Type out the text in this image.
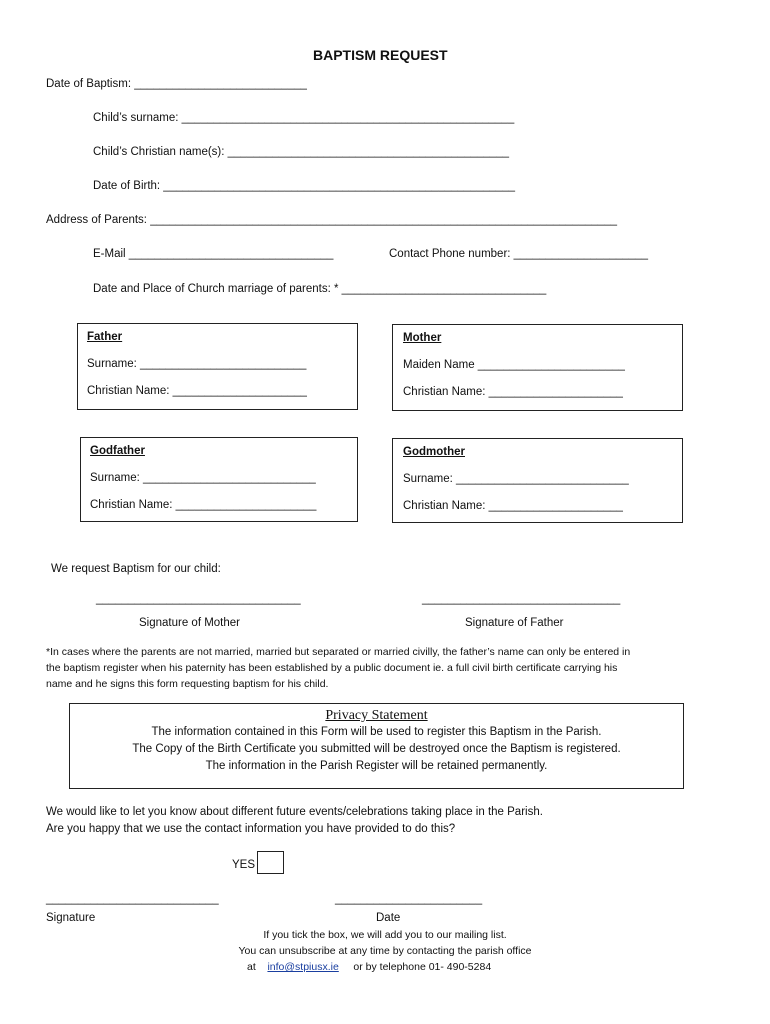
BAPTISM REQUEST
Date of Baptism: ___________________________
Child’s surname: ____________________________________________________
Child’s Christian name(s): ____________________________________________
Date of Birth: _______________________________________________________
Address of Parents: _________________________________________________________________________
E-Mail ________________________________	Contact Phone number: _____________________
Date and Place of Church marriage of parents: * ________________________________
Father
Surname: __________________________
Christian Name: _____________________
Mother
Maiden Name _______________________
Christian Name: _____________________
Godfather
Surname: ___________________________
Christian Name: ______________________
Godmother
Surname: ___________________________
Christian Name: _____________________
We request Baptism for our child:
________________________________	_______________________________
Signature of Mother	Signature of Father
*In cases where the parents are not married, married but separated or married civilly, the father’s name can only be entered in
the baptism register when his paternity has been established by a public document ie. a full civil birth certificate carrying his
name and he signs this form requesting baptism for his child.
Privacy Statement
The information contained in this Form will be used to register this Baptism in the Parish.
The Copy of the Birth Certificate you submitted will be destroyed once the Baptism is registered.
The information in the Parish Register will be retained permanently.
We would like to let you know about different future events/celebrations taking place in the Parish.
Are you happy that we use the contact information you have provided to do this?
YES
___________________________	_______________________
Signature	Date
If you tick the box, we will add you to our mailing list.
You can unsubscribe at any time by contacting the parish office
at info@stpiusx.ie or by telephone 01- 490-5284
